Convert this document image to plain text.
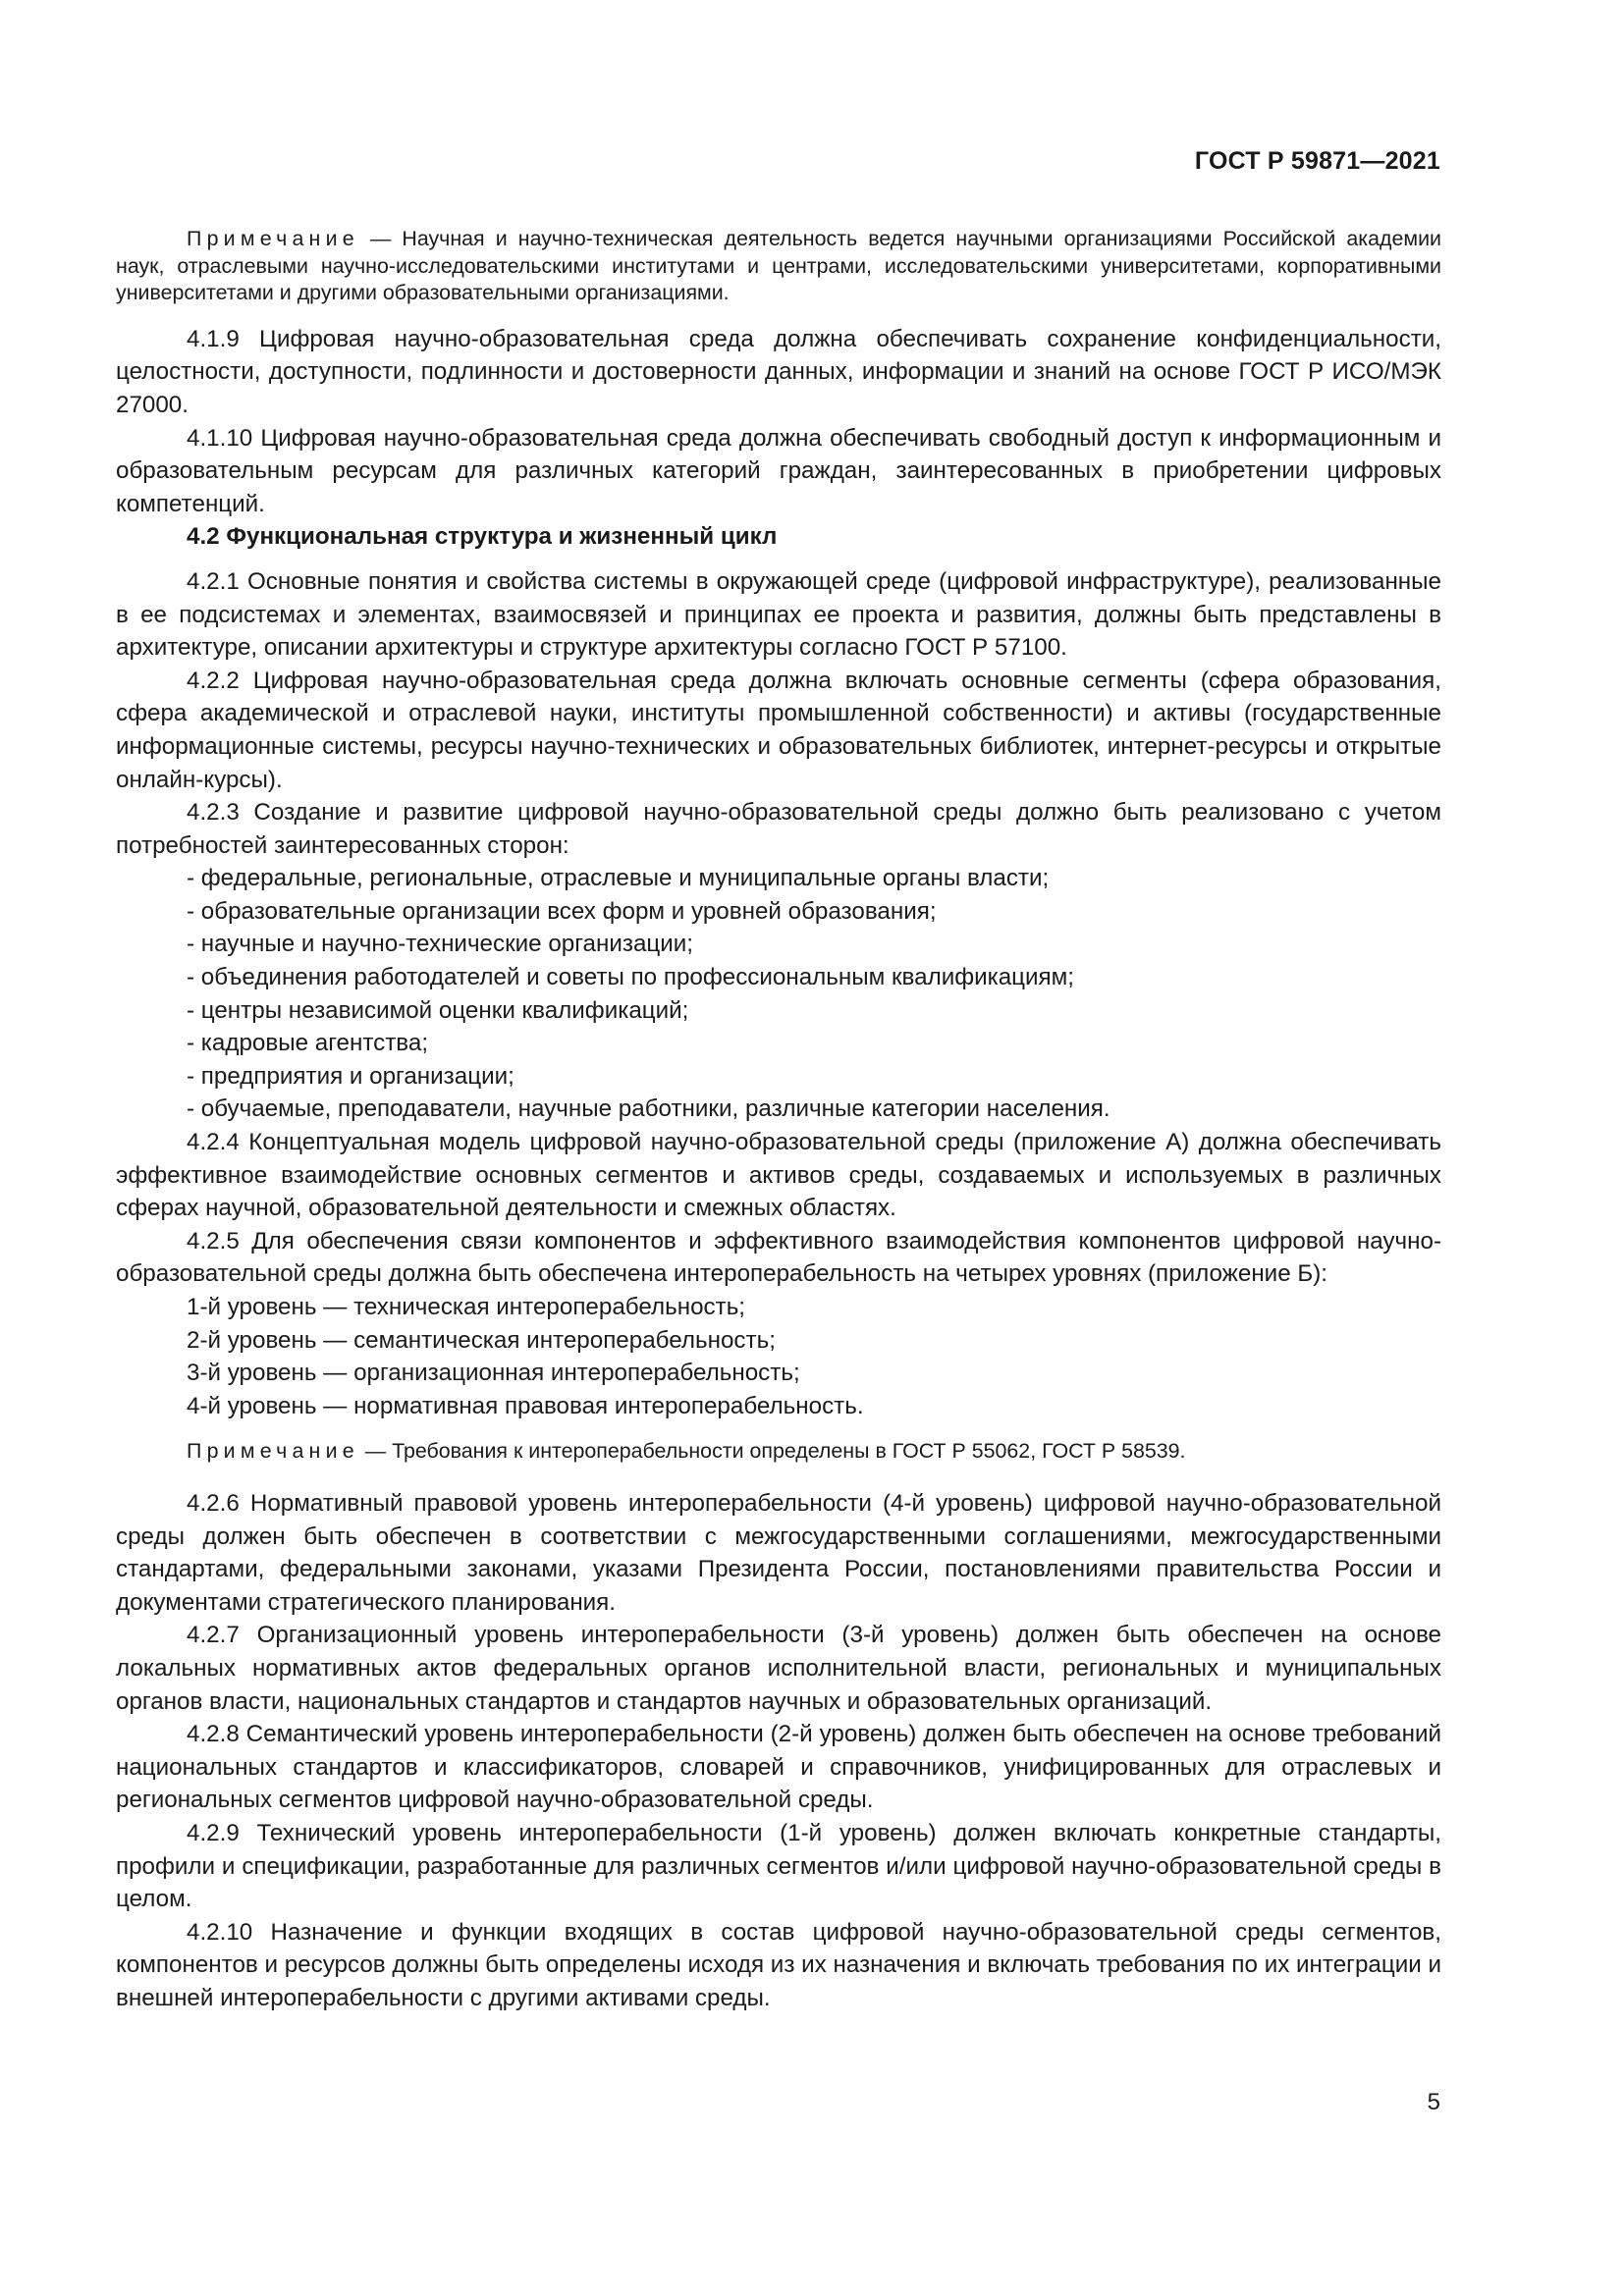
ГОСТ Р 59871—2021

Примечание — Научная и научно-техническая деятельность ведется научными организациями Российской академии наук, отраслевыми научно-исследовательскими институтами и центрами, исследовательскими университетами, корпоративными университетами и другими образовательными организациями.

4.1.9 Цифровая научно-образовательная среда должна обеспечивать сохранение конфиденциальности, целостности, доступности, подлинности и достоверности данных, информации и знаний на основе ГОСТ Р ИСО/МЭК 27000.

4.1.10 Цифровая научно-образовательная среда должна обеспечивать свободный доступ к информационным и образовательным ресурсам для различных категорий граждан, заинтересованных в приобретении цифровых компетенций.

4.2 Функциональная структура и жизненный цикл

4.2.1 Основные понятия и свойства системы в окружающей среде (цифровой инфраструктуре), реализованные в ее подсистемах и элементах, взаимосвязей и принципах ее проекта и развития, должны быть представлены в архитектуре, описании архитектуры и структуре архитектуры согласно ГОСТ Р 57100.

4.2.2 Цифровая научно-образовательная среда должна включать основные сегменты (сфера образования, сфера академической и отраслевой науки, институты промышленной собственности) и активы (государственные информационные системы, ресурсы научно-технических и образовательных библиотек, интернет-ресурсы и открытые онлайн-курсы).

4.2.3 Создание и развитие цифровой научно-образовательной среды должно быть реализовано с учетом потребностей заинтересованных сторон:

- федеральные, региональные, отраслевые и муниципальные органы власти;

- образовательные организации всех форм и уровней образования;

- научные и научно-технические организации;

- объединения работодателей и советы по профессиональным квалификациям;

- центры независимой оценки квалификаций;

- кадровые агентства;

- предприятия и организации;

- обучаемые, преподаватели, научные работники, различные категории населения.

4.2.4 Концептуальная модель цифровой научно-образовательной среды (приложение А) должна обеспечивать эффективное взаимодействие основных сегментов и активов среды, создаваемых и используемых в различных сферах научной, образовательной деятельности и смежных областях.

4.2.5 Для обеспечения связи компонентов и эффективного взаимодействия компонентов цифровой научно-образовательной среды должна быть обеспечена интероперабельность на четырех уровнях (приложение Б):

1-й уровень — техническая интероперабельность;

2-й уровень — семантическая интероперабельность;

3-й уровень — организационная интероперабельность;

4-й уровень — нормативная правовая интероперабельность.

Примечание — Требования к интероперабельности определены в ГОСТ Р 55062, ГОСТ Р 58539.

4.2.6 Нормативный правовой уровень интероперабельности (4-й уровень) цифровой научно-образовательной среды должен быть обеспечен в соответствии с межгосударственными соглашениями, межгосударственными стандартами, федеральными законами, указами Президента России, постановлениями правительства России и документами стратегического планирования.

4.2.7 Организационный уровень интероперабельности (3-й уровень) должен быть обеспечен на основе локальных нормативных актов федеральных органов исполнительной власти, региональных и муниципальных органов власти, национальных стандартов и стандартов научных и образовательных организаций.

4.2.8 Семантический уровень интероперабельности (2-й уровень) должен быть обеспечен на основе требований национальных стандартов и классификаторов, словарей и справочников, унифицированных для отраслевых и региональных сегментов цифровой научно-образовательной среды.

4.2.9 Технический уровень интероперабельности (1-й уровень) должен включать конкретные стандарты, профили и спецификации, разработанные для различных сегментов и/или цифровой научно-образовательной среды в целом.

4.2.10 Назначение и функции входящих в состав цифровой научно-образовательной среды сегментов, компонентов и ресурсов должны быть определены исходя из их назначения и включать требования по их интеграции и внешней интероперабельности с другими активами среды.

5
